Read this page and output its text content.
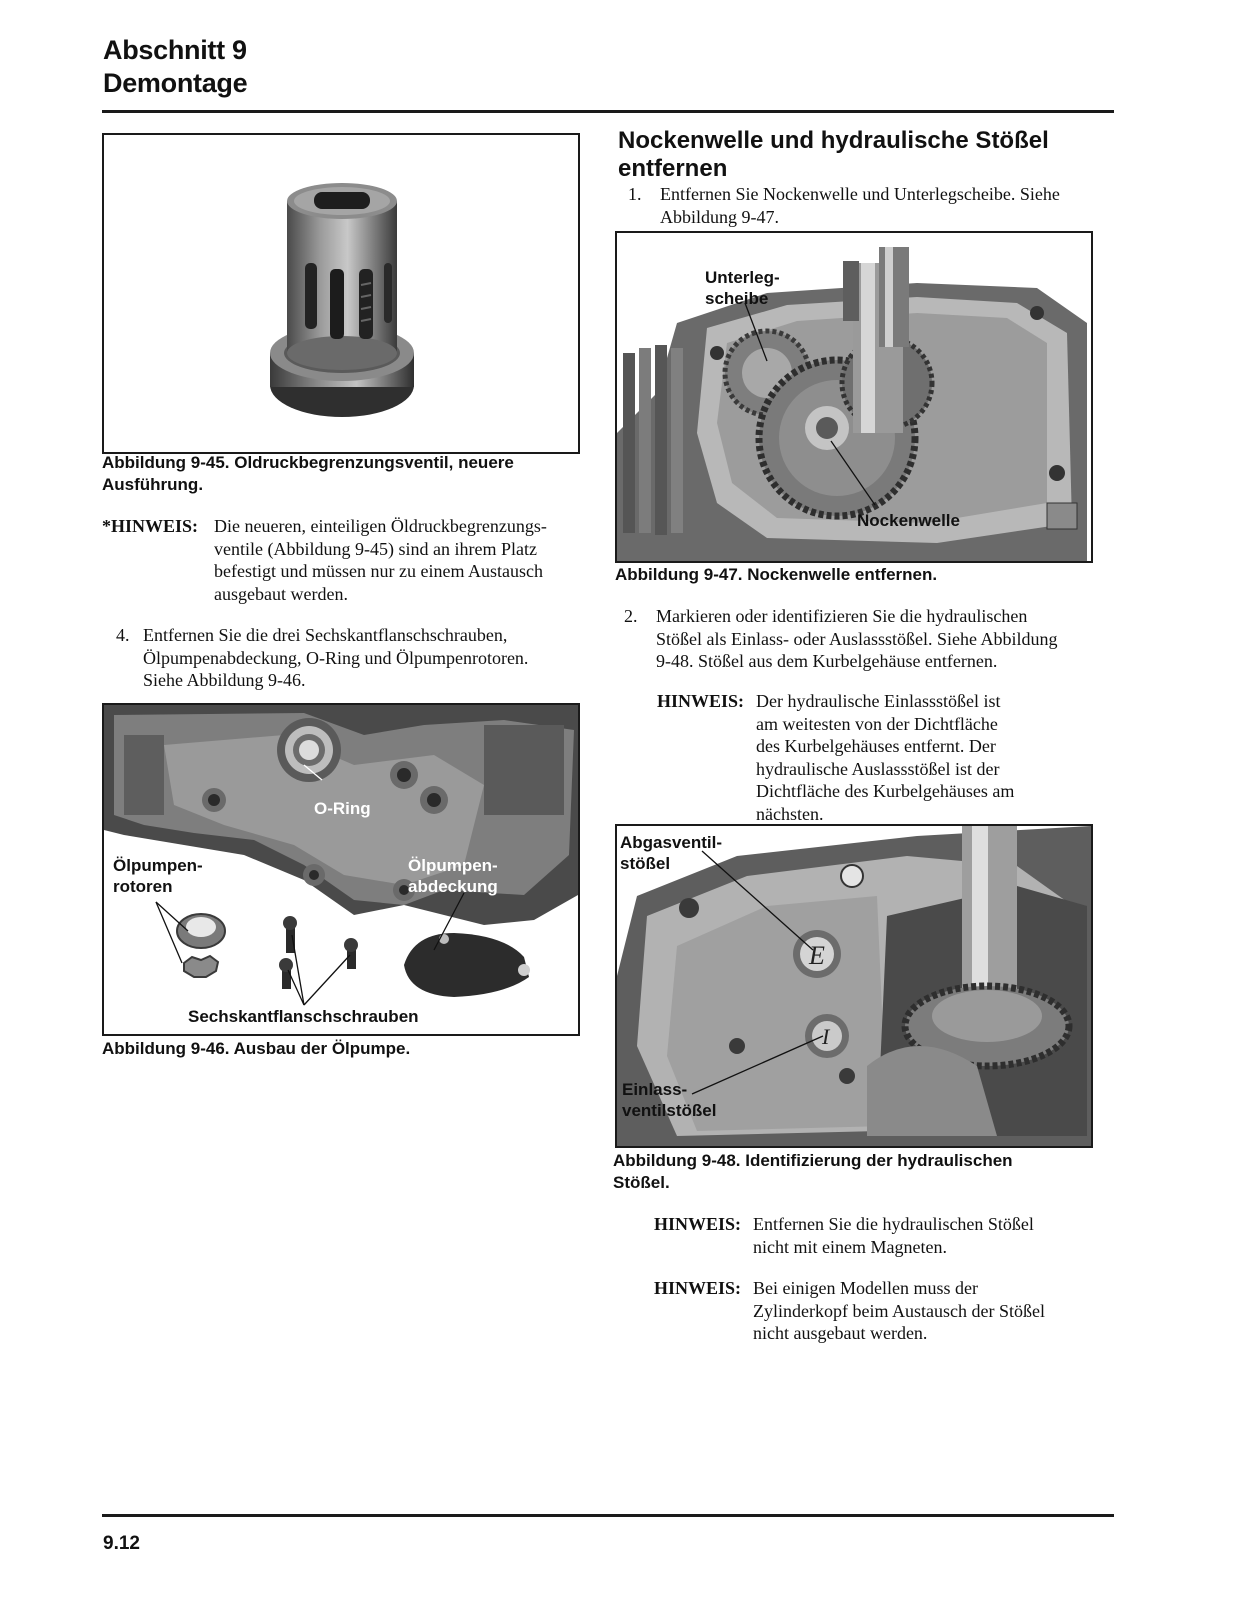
Abschnitt 9
Demontage
Abbildung 9-45. Oldruckbegrenzungsventil, neuere
Ausführung.
*HINWEIS: Die neueren, einteiligen Öldruckbegrenzungs-
ventile (Abbildung 9-45) sind an ihrem Platz
befestigt und müssen nur zu einem Austausch
ausgebaut werden.
4. Entfernen Sie die drei Sechskantflanschschrauben,
Ölpumpenabdeckung, O-Ring und Ölpumpenrotoren.
Siehe Abbildung 9-46.
O-Ring
Ölpumpen-
rotoren
Ölpumpen-
abdeckung
Sechskantflanschschrauben
Abbildung 9-46. Ausbau der Ölpumpe.
Nockenwelle und hydraulische Stößel
entfernen
1. Entfernen Sie Nockenwelle und Unterlegscheibe. Siehe
Abbildung 9-47.
Unterleg-
scheibe
Nockenwelle
Abbildung 9-47. Nockenwelle entfernen.
2. Markieren oder identifizieren Sie die hydraulischen
Stößel als Einlass- oder Auslassstößel. Siehe Abbildung
9-48. Stößel aus dem Kurbelgehäuse entfernen.
HINWEIS: Der hydraulische Einlassstößel ist
am weitesten von der Dichtfläche
des Kurbelgehäuses entfernt. Der
hydraulische Auslassstößel ist der
Dichtfläche des Kurbelgehäuses am
nächsten.
E
I
Abgasventil-
stößel
Einlass-
ventilstößel
Abbildung 9-48. Identifizierung der hydraulischen
Stößel.
HINWEIS: Entfernen Sie die hydraulischen Stößel
nicht mit einem Magneten.
HINWEIS: Bei einigen Modellen muss der
Zylinderkopf beim Austausch der Stößel
nicht ausgebaut werden.
9.12
